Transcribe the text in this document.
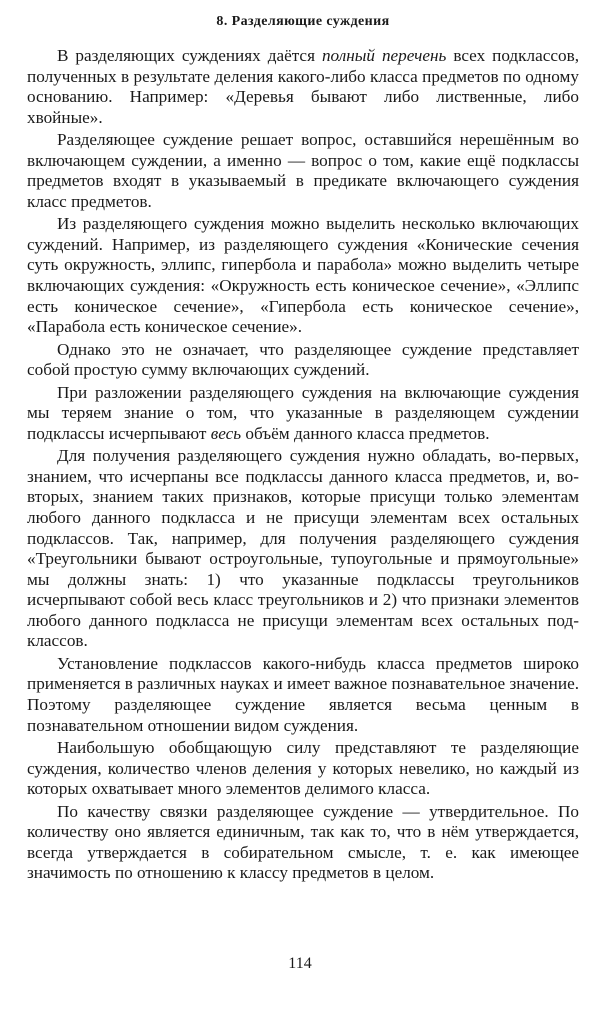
8. Разделяющие суждения

В разделяющих суждениях даётся полный перечень всех подклассов, полученных в результате деления какого-либо класса предметов по одному основанию. Например: «Деревья бывают либо лиственные, либо хвойные».

Разделяющее суждение решает вопрос, оставшийся нерешённым во включающем суждении, а именно — вопрос о том, какие ещё подклассы предметов входят в указываемый в предикате включающего суждения класс предметов.

Из разделяющего суждения можно выделить несколько включающих суждений. Например, из разделяющего суждения «Конические сечения суть окружность, эллипс, гипербола и парабола» можно выделить четыре включающих суждения: «Окружность есть коническое сечение», «Эллипс есть коническое сечение», «Гипербола есть коническое сечение», «Парабола есть коническое сечение».

Однако это не означает, что разделяющее суждение представляет собой простую сумму включающих суждений.

При разложении разделяющего суждения на включающие суждения мы теряем знание о том, что указанные в разделяющем суждении подклассы исчерпывают весь объём данного класса предметов.

Для получения разделяющего суждения нужно обладать, во-первых, знанием, что исчерпаны все подклассы данного класса предметов, и, во-вторых, знанием таких признаков, которые присущи только элементам любого данного подкласса и не присущи элементам всех остальных подклассов. Так, например, для получения разделяющего суждения «Треугольники бывают остроугольные, тупоугольные и прямоугольные» мы должны знать: 1) что указанные подклассы треугольников исчерпывают собой весь класс треугольников и 2) что признаки элементов любого данного подкласса не присущи элементам всех остальных подклассов.

Установление подклассов какого-нибудь класса предметов широко применяется в различных науках и имеет важное познавательное значение. Поэтому разделяющее суждение является весьма ценным в познавательном отношении видом суждения.

Наибольшую обобщающую силу представляют те разделяющие суждения, количество членов деления у которых невелико, но каждый из которых охватывает много элементов делимого класса.

По качеству связки разделяющее суждение — утвердительное. По количеству оно является единичным, так как то, что в нём утверждается, всегда утверждается в собирательном смысле, т. е. как имеющее значимость по отношению к классу предметов в целом.

114
